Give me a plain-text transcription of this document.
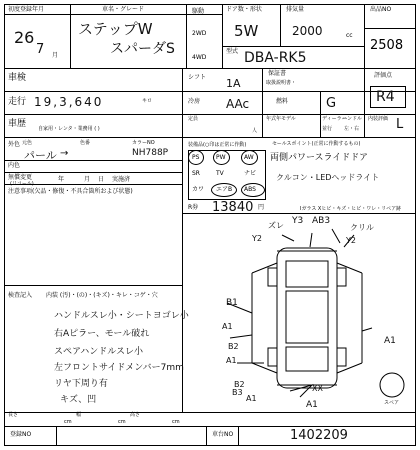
初度登録年月
26
7 月
車名・グレード
ステップW
スパーダS
駆動
2WD
4WD
ドア数・形状
5W
排気量
2000	cc
型式 DBA-RK5
出品NO
2508
車検	シフト 1A
保証書
取扱説明書・
評価点
R4
走行 19,3,640	キロ	冷房 AAc	燃料	G
車歴 自家用・レンタ・業務用 ( )
定員
人
年式年モデル	ディーラー
並行
ハンドル
左・右
内装評価 L
外色 元色	色番	カラーNO
パール →	NH788P
内色
無償変更
(リコール)
年	月 日 実施済
注意事項(欠品・修復・不具合箇所および状態)
装備品(○印は正常に作動)
PS	PW	AW
SR	TV	ナビ
カワ エアB ABS
R券 13840 円
セールスポイント(正常に作動するもの)
両側パワースライドドア
クルコン・LEDヘッドライト
Iガラス Xヒビ・キズ・ヒビ・ワレ・リペア跡
ズレ Y3 AB3
クリル
Y2	Y2
A1
B1
A1
A1
B2
B2
B3
A1
XX
A1	スペア
検査記入 内装 (汚)・(の)・(キズ)・キレ・コゲ・穴
ハンドルスレ小・シートヨゴレ小
右Aピラー、モール破れ
スペアハンドルスレ小
左フロントサイドメンバー7mm
リヤ下周り有
キズ、凹
長さ
cm
幅
cm
高さ
cm
登録NO	車台NO	1402209
